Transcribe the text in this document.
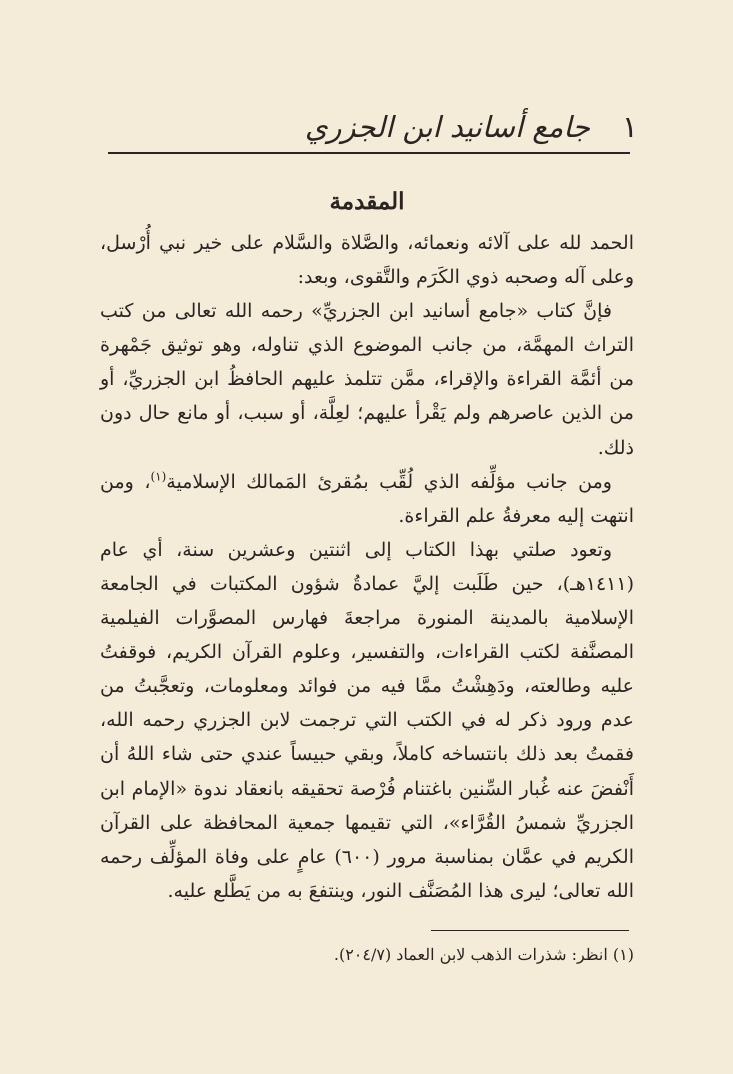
١
جامع أسانيد ابن الجزري
المقدمة

الحمد لله على آلائه ونعمائه، والصَّلاة والسَّلام على خير نبي أُرْسل، وعلى آله وصحبه ذوي الكَرَم والتَّقوى، وبعد:

فإنَّ كتاب «جامع أسانيد ابن الجزريِّ» رحمه الله تعالى من كتب التراث المهمَّة، من جانب الموضوع الذي تناوله، وهو توثيق جَمْهرة من أئمَّة القراءة والإقراء، ممَّن تتلمذ عليهم الحافظُ ابن الجزريِّ، أو من الذين عاصرهم ولم يَقْرأ عليهم؛ لعِلَّة، أو سبب، أو مانع حال دون ذلك.

ومن جانب مؤلِّفه الذي لُقِّب بمُقرئ المَمالك الإسلامية$^{(١)}$، ومن انتهت إليه معرفةُ علم القراءة.

وتعود صلتي بهذا الكتاب إلى اثنتين وعشرين سنة، أي عام (١٤١١هـ)، حين طَلَبت إليَّ عمادةُ شؤون المكتبات في الجامعة الإسلامية بالمدينة المنورة مراجعةَ فهارس المصوَّرات الفيلمية المصنَّفة لكتب القراءات، والتفسير، وعلوم القرآن الكريم، فوقفتُ عليه وطالعته، ودَهِشْتُ ممَّا فيه من فوائد ومعلومات، وتعجَّبتُ من عدم ورود ذكر له في الكتب التي ترجمت لابن الجزري رحمه الله، فقمتُ بعد ذلك بانتساخه كاملاً، وبقي حبيساً عندي حتى شاء اللهُ أن أَنْفضَ عنه غُبار السِّنين باغتنام فُرْصة تحقيقه بانعقاد ندوة «الإمام ابن الجزريِّ شمسُ القُرَّاء»، التي تقيمها جمعية المحافظة على القرآن الكريم في عمَّان بمناسبة مرور (٦٠٠) عامٍ على وفاة المؤلِّف رحمه الله تعالى؛ ليرى هذا المُصَنَّف النور، وينتفعَ به من يَطَّلع عليه.

(١) انظر: شذرات الذهب لابن العماد (٢٠٤/٧).
